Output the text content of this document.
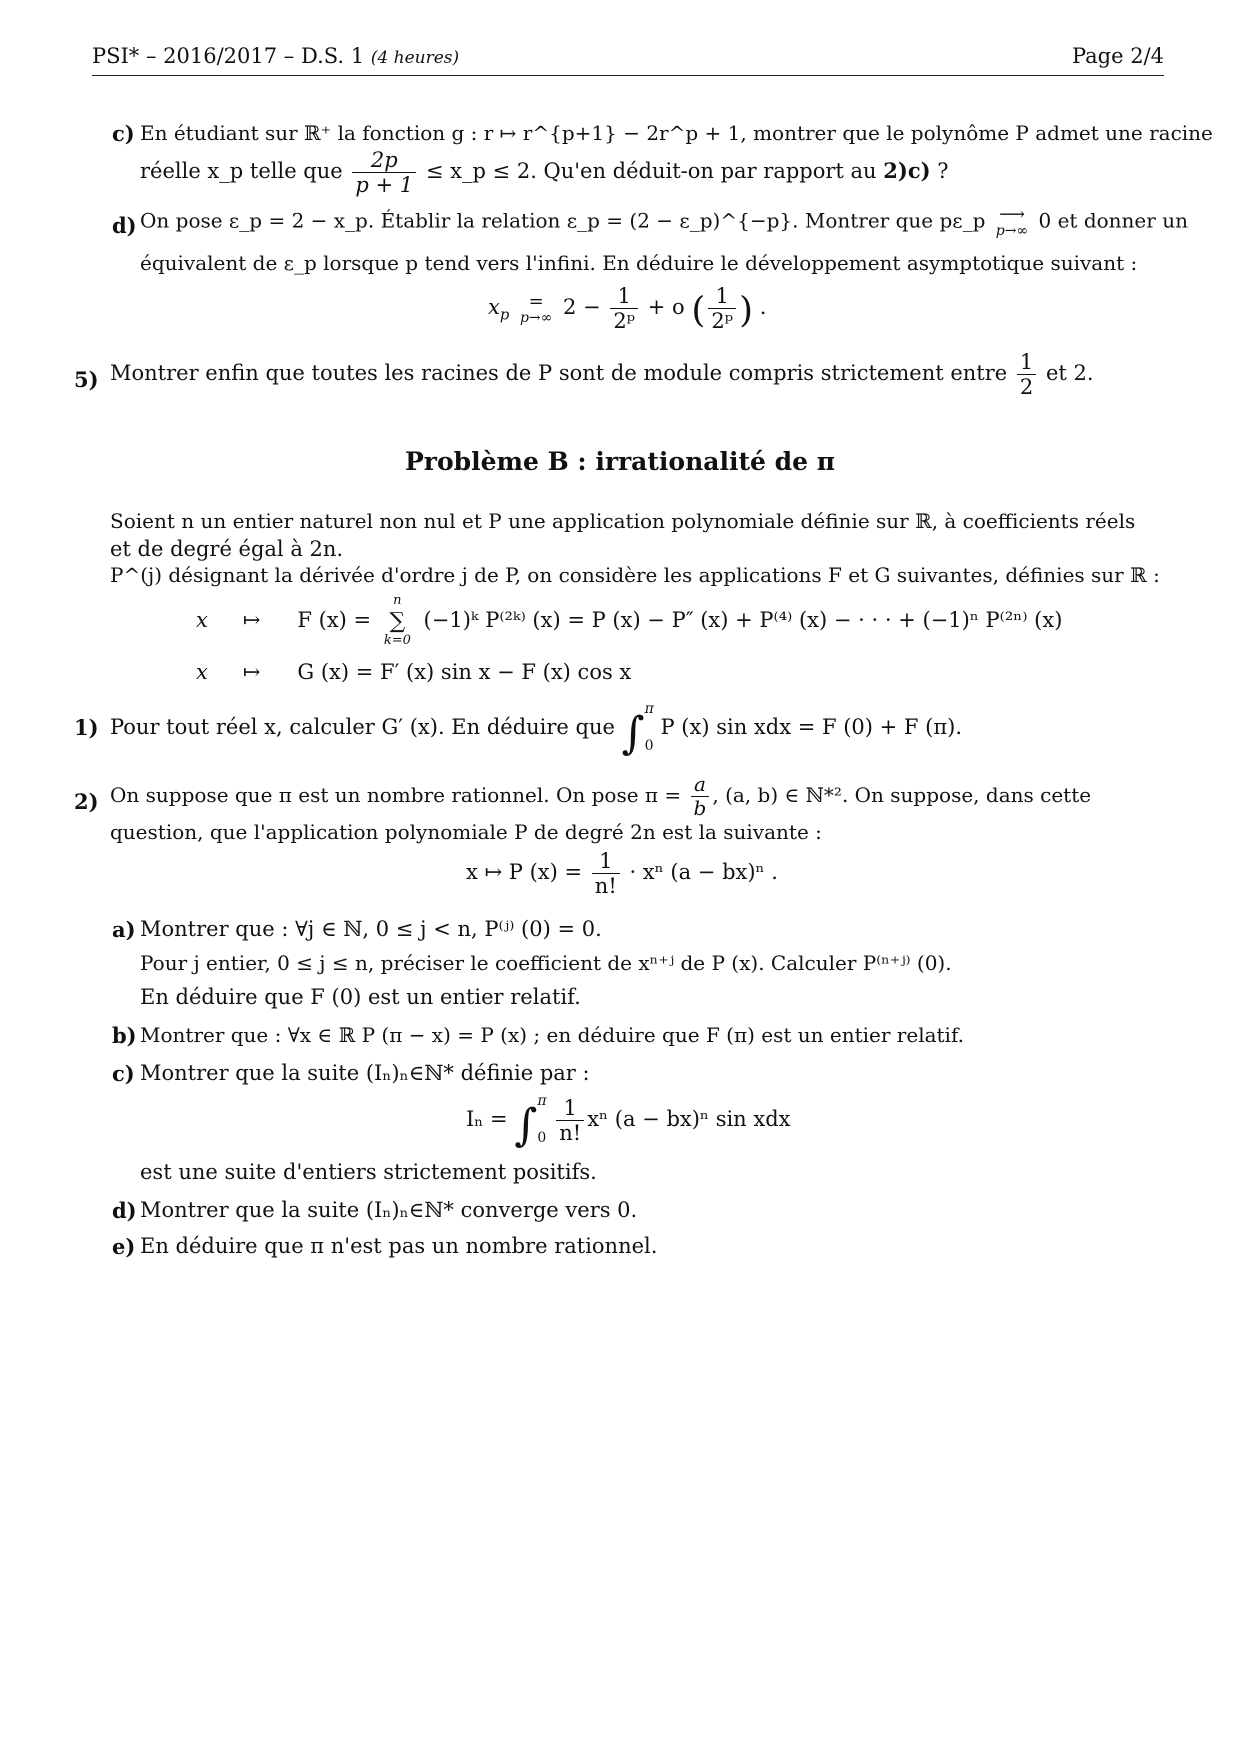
PSI* – 2016/2017 – D.S. 1 (4 heures)	Page 2/4
c) En étudiant sur ℝ⁺ la fonction g : r ↦ r^{p+1} − 2r^p + 1, montrer que le polynôme P admet une racine
réelle x_p telle que $\frac{2p}{p + 1}$ ≤ x_p ≤ 2. Qu'en déduit-on par rapport au 2)c) ?
d) On pose ε_p = 2 − x_p. Établir la relation ε_p = (2 − ε_p)^{−p}. Montrer que pε_p ⟶
p→∞ 0 et donner un
équivalent de ε_p lorsque p tend vers l'infini. En déduire le développement asymptotique suivant :
$x_p$
=
p→∞ $2 - \frac{1}{\text{2ᵖ}} + o$ ( $\frac{1}{\text{2ᵖ}}$ ) .
5) Montrer enfin que toutes les racines de P sont de module compris strictement entre $\frac{1}{2}$ et 2.
Problème B : irrationalité de π
Soient n un entier naturel non nul et P une application polynomiale définie sur ℝ, à coefficients réels
et de degré égal à 2n.
P^(j) désignant la dérivée d'ordre j de P, on considère les applications F et G suivantes, définies sur ℝ :
x ↦ F (x) =
n
∑
k=0
(−1)ᵏ P⁽²ᵏ⁾ (x) = P (x) − P″ (x) + P⁽⁴⁾ (x) − · · · + (−1)ⁿ P⁽²ⁿ⁾ (x)
x ↦ G (x) = F′ (x) sin x − F (x) cos x
1) Pour tout réel x, calculer G′ (x). En déduire que ∫ π
0
P (x) sin xdx = F (0) + F (π).
2) On suppose que π est un nombre rationnel. On pose $\pi = \frac{a}{b}$ , (a, b) ∈ ℕ*². On suppose, dans cette
question, que l'application polynomiale P de degré 2n est la suivante :
x ↦ P $(x) = \frac{1}{n!} \cdot x^n$ (a − bx)ⁿ .
a) Montrer que : ∀j ∈ ℕ, 0 ≤ j < n, P⁽ʲ⁾ (0) = 0.
Pour j entier, 0 ≤ j ≤ n, préciser le coefficient de xⁿ⁺ʲ de P (x). Calculer P⁽ⁿ⁺ʲ⁾ (0).
En déduire que F (0) est un entier relatif.
b) Montrer que : ∀x ∈ ℝ P (π − x) = P (x) ; en déduire que F (π) est un entier relatif.
c) Montrer que la suite (Iₙ)ₙ∈ℕ* définie par :
Iₙ = ∫ π
0
$\frac{1}{n!}$ xⁿ (a − bx)ⁿ sin xdx
est une suite d'entiers strictement positifs.
d) Montrer que la suite (Iₙ)ₙ∈ℕ* converge vers 0.
e) En déduire que π n'est pas un nombre rationnel.
